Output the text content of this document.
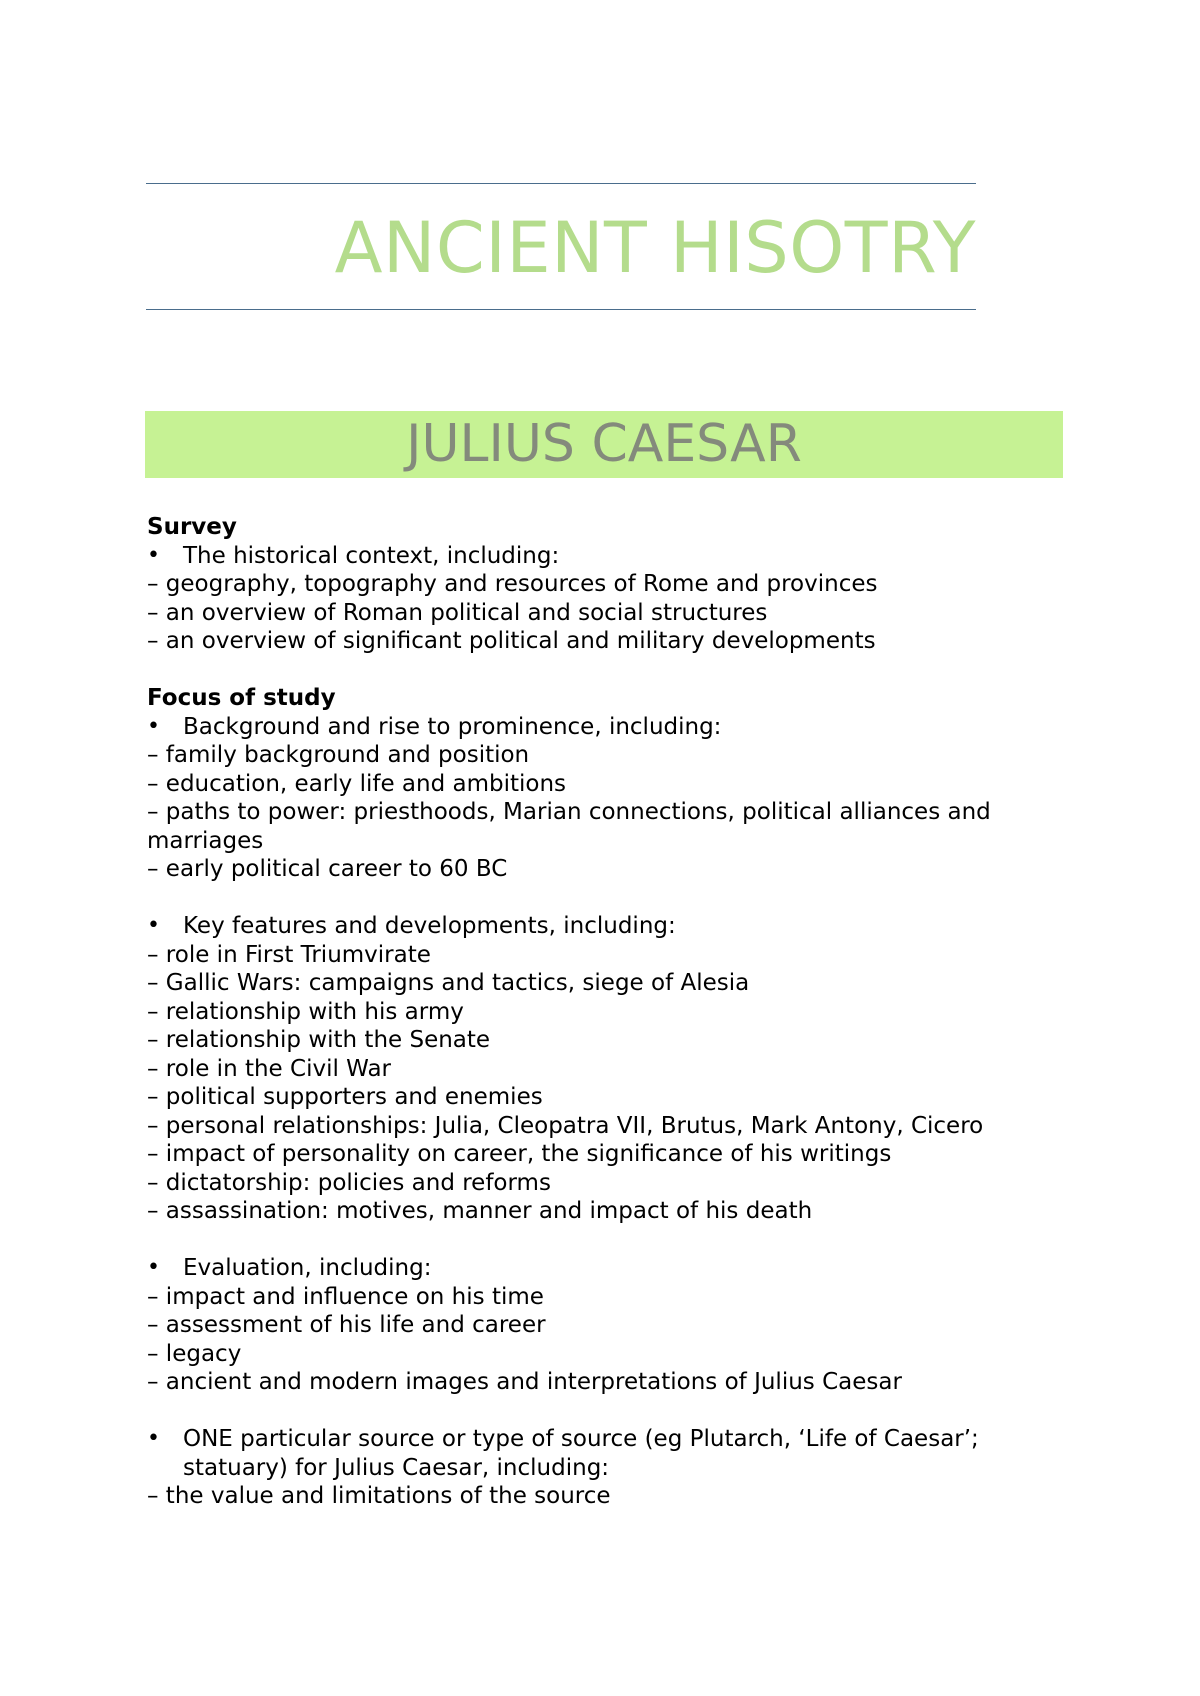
ANCIENT HISOTRY
JULIUS CAESAR

Survey

•	The historical context, including:

– geography, topography and resources of Rome and provinces

– an overview of Roman political and social structures

– an overview of significant political and military developments

Focus of study

•	Background and rise to prominence, including:

– family background and position

– education, early life and ambitions

– paths to power: priesthoods, Marian connections, political alliances and marriages

– early political career to 60 BC

•	Key features and developments, including:

– role in First Triumvirate

– Gallic Wars: campaigns and tactics, siege of Alesia

– relationship with his army

– relationship with the Senate

– role in the Civil War

– political supporters and enemies

– personal relationships: Julia, Cleopatra VII, Brutus, Mark Antony, Cicero

– impact of personality on career, the significance of his writings

– dictatorship: policies and reforms

– assassination: motives, manner and impact of his death

•	Evaluation, including:

– impact and influence on his time

– assessment of his life and career

– legacy

– ancient and modern images and interpretations of Julius Caesar

•	ONE particular source or type of source (eg Plutarch, ‘Life of Caesar’; statuary) for Julius Caesar, including:

– the value and limitations of the source
